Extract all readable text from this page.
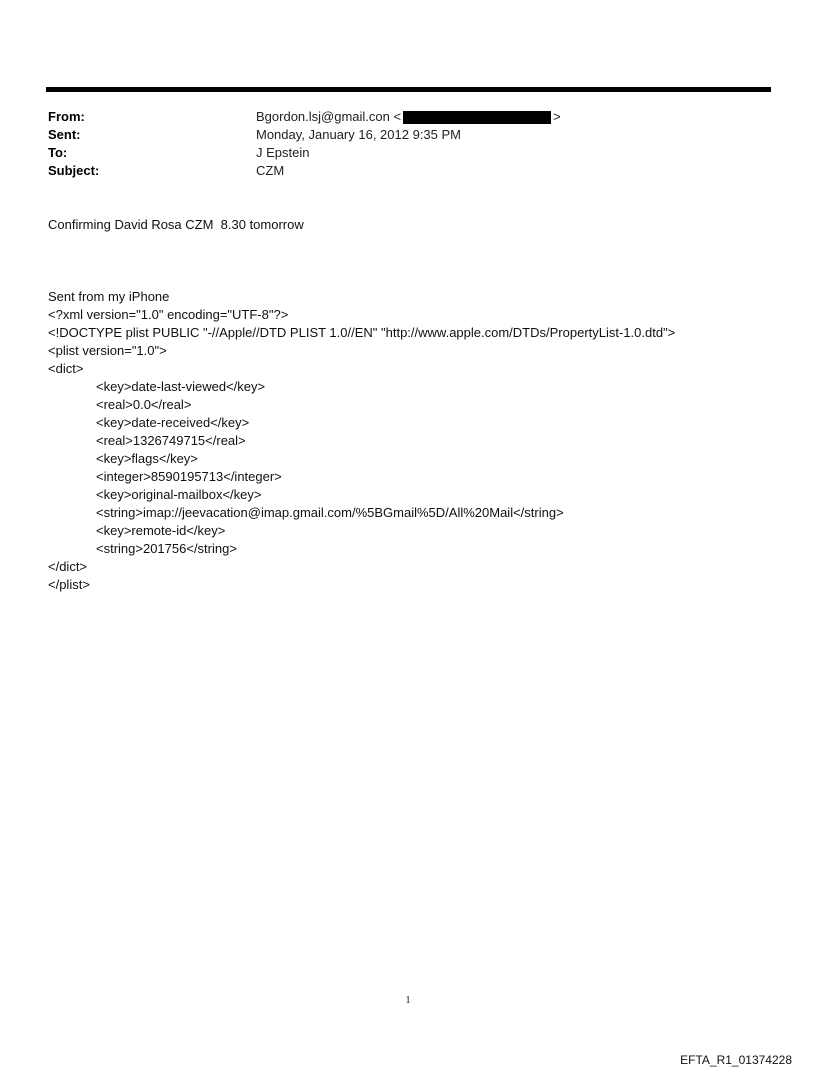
From:	Bgordon.lsj@gmail.con <	>
Sent:	Monday, January 16, 2012 9:35 PM
To:	J Epstein
Subject:	CZM
Confirming David Rosa CZM  8.30 tomorrow
Sent from my iPhone
<?xml version="1.0" encoding="UTF-8"?>
<!DOCTYPE plist PUBLIC "-//Apple//DTD PLIST 1.0//EN" "http://www.apple.com/DTDs/PropertyList-1.0.dtd">
<plist version="1.0">
<dict>
<key>date-last-viewed</key>
<real>0.0</real>
<key>date-received</key>
<real>1326749715</real>
<key>flags</key>
<integer>8590195713</integer>
<key>original-mailbox</key>
<string>imap://jeevacation@imap.gmail.com/%5BGmail%5D/All%20Mail</string>
<key>remote-id</key>
<string>201756</string>
</dict>
</plist>
1
EFTA_R1_01374228
